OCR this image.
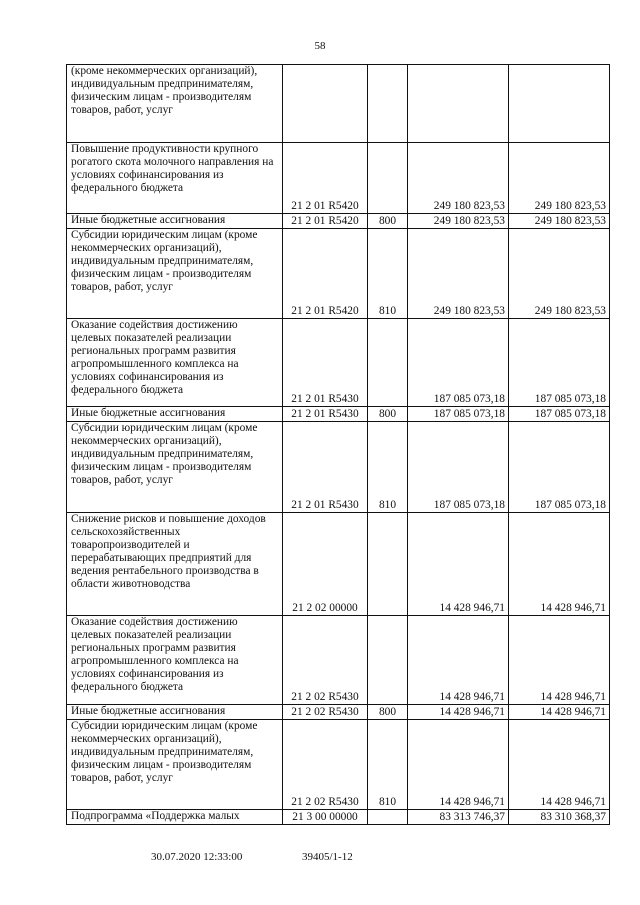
58
(кроме некоммерческих организаций), индивидуальным предпринимателям, физическим лицам - производителям товаров, работ, услуг				
Повышение продуктивности крупного рогатого скота молочного направления на условиях софинансирования из федерального бюджета	21 2 01 R5420		249 180 823,53	249 180 823,53
Иные бюджетные ассигнования	21 2 01 R5420	800	249 180 823,53	249 180 823,53
Субсидии юридическим лицам (кроме некоммерческих организаций), индивидуальным предпринимателям, физическим лицам - производителям товаров, работ, услуг	21 2 01 R5420	810	249 180 823,53	249 180 823,53
Оказание содействия достижению целевых показателей реализации региональных программ развития агропромышленного комплекса на условиях софинансирования из федерального бюджета	21 2 01 R5430		187 085 073,18	187 085 073,18
Иные бюджетные ассигнования	21 2 01 R5430	800	187 085 073,18	187 085 073,18
Субсидии юридическим лицам (кроме некоммерческих организаций), индивидуальным предпринимателям, физическим лицам - производителям товаров, работ, услуг	21 2 01 R5430	810	187 085 073,18	187 085 073,18
Снижение рисков и повышение доходов сельскохозяйственных товаропроизводителей и перерабатывающих предприятий для ведения рентабельного производства в области животноводства	21 2 02 00000		14 428 946,71	14 428 946,71
Оказание содействия достижению целевых показателей реализации региональных программ развития агропромышленного комплекса на условиях софинансирования из федерального бюджета	21 2 02 R5430		14 428 946,71	14 428 946,71
Иные бюджетные ассигнования	21 2 02 R5430	800	14 428 946,71	14 428 946,71
Субсидии юридическим лицам (кроме некоммерческих организаций), индивидуальным предпринимателям, физическим лицам - производителям товаров, работ, услуг	21 2 02 R5430	810	14 428 946,71	14 428 946,71
Подпрограмма «Поддержка малых	21 3 00 00000		83 313 746,37	83 310 368,37
30.07.2020 12:33:00	39405/1-12
